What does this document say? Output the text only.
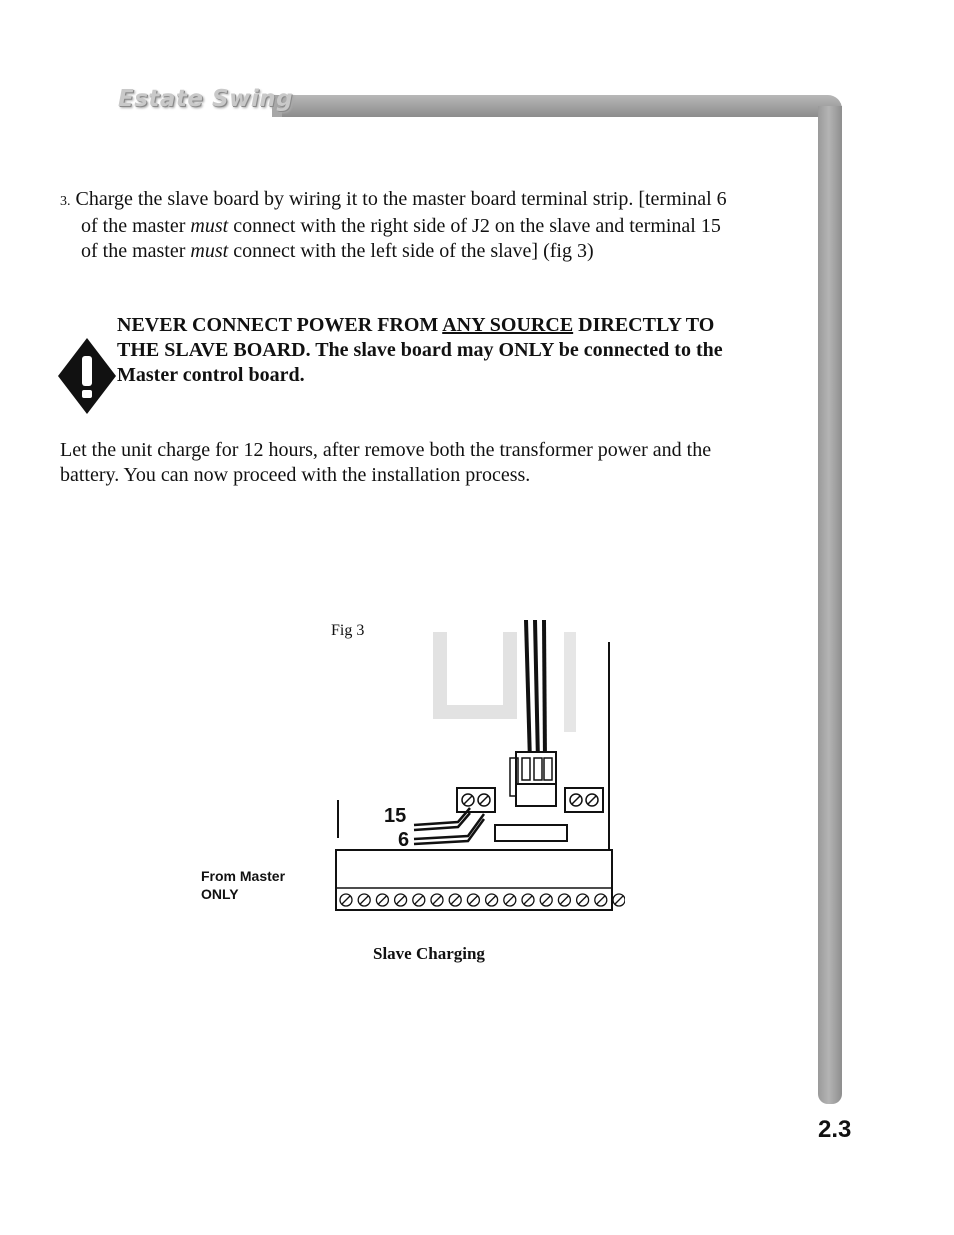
Estate Swing

3. Charge the slave board by wiring it to the master board terminal strip. [terminal 6
of the master must connect with the right side of J2 on the slave and terminal 15
of the master must connect with the left side of the slave] (fig 3)

NEVER CONNECT POWER FROM ANY SOURCE DIRECTLY TO
THE SLAVE BOARD. The slave board may ONLY be connected to the
Master control board.

Let the unit charge for 12 hours, after remove both the transformer power and the
battery. You can now proceed with the installation process.

Fig 3
15
6
From Master
ONLY
Slave Charging
2.3
